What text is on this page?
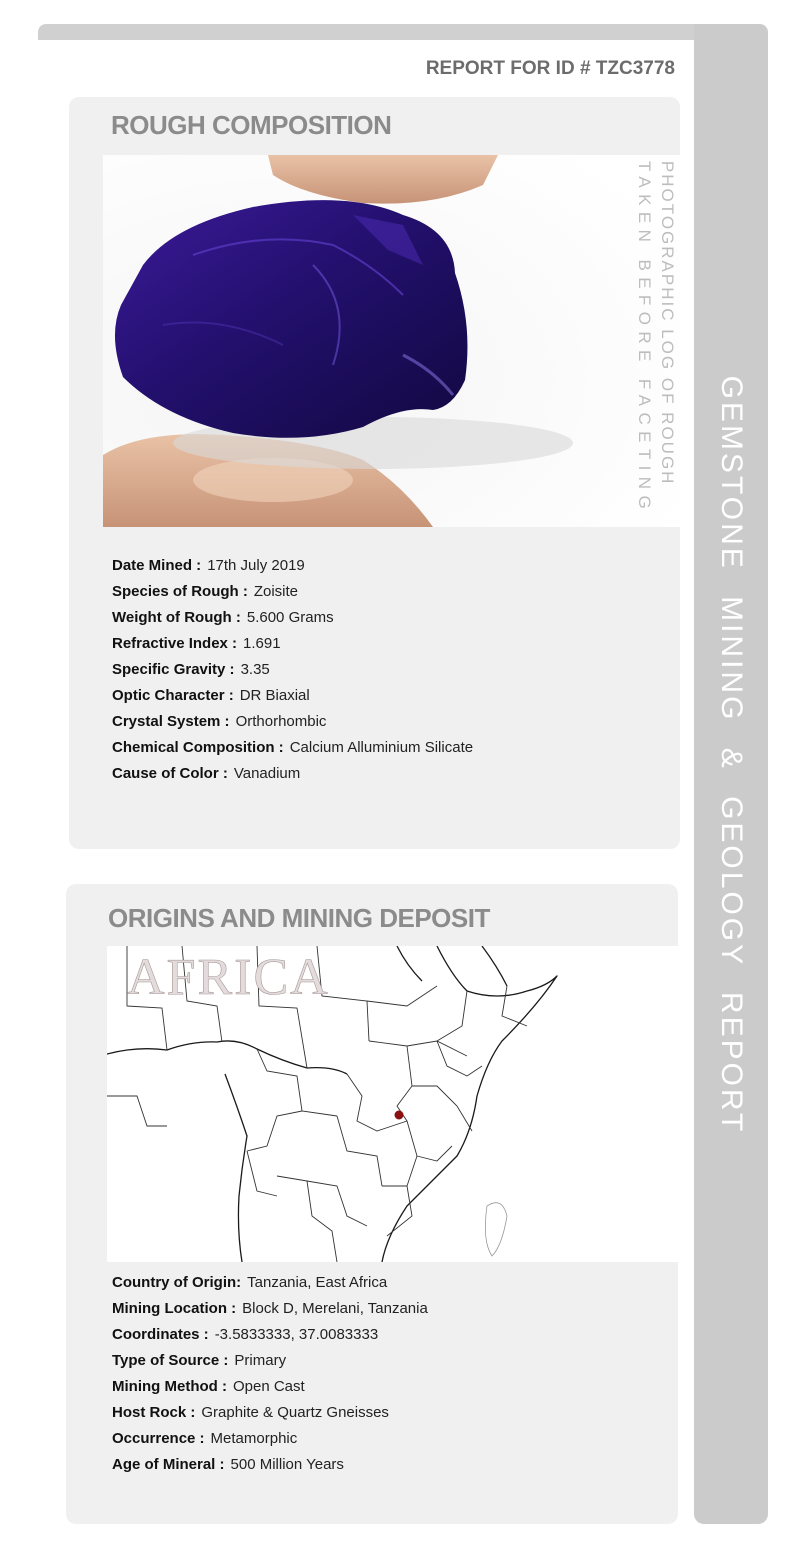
GEMSTONE MINING & GEOLOGY REPORT
REPORT FOR ID # TZC3778
ROUGH COMPOSITION
PHOTOGRAPHIC LOG OF ROUGH
TAKEN BEFORE FACETING
Date Mined : 17th July 2019
Species of Rough : Zoisite
Weight of Rough : 5.600 Grams
Refractive Index : 1.691
Specific Gravity : 3.35
Optic Character : DR Biaxial
Crystal System : Orthorhombic
Chemical Composition : Calcium Alluminium Silicate
Cause of Color : Vanadium
ORIGINS AND MINING DEPOSIT
AFRICA
Country of Origin: Tanzania, East Africa
Mining Location : Block D, Merelani, Tanzania
Coordinates : -3.5833333, 37.0083333
Type of Source : Primary
Mining Method : Open Cast
Host Rock : Graphite & Quartz Gneisses
Occurrence : Metamorphic
Age of Mineral : 500 Million Years
